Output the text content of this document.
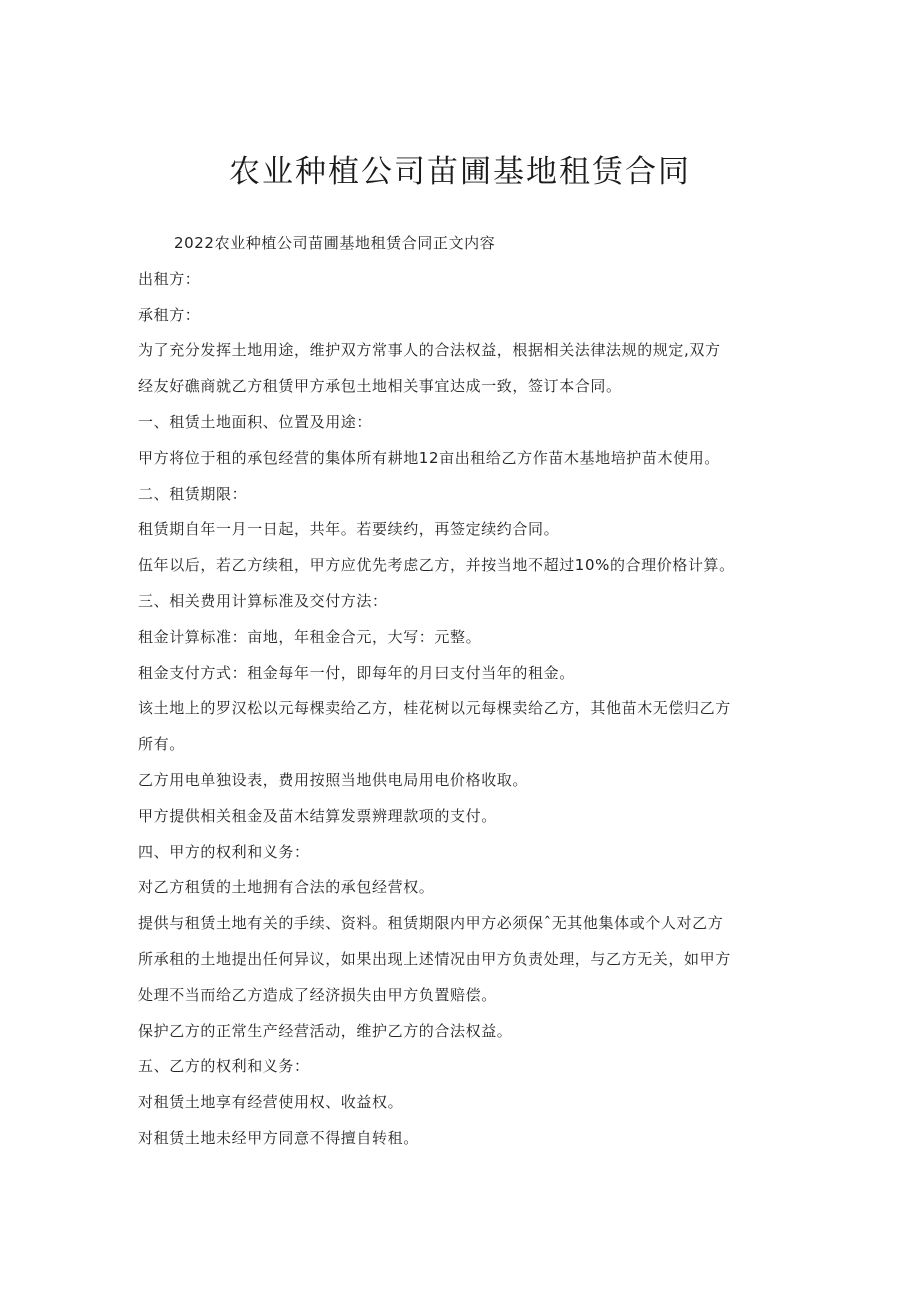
农业种植公司苗圃基地租赁合同
2022农业种植公司苗圃基地租赁合同正文内容
出租方：
承租方：
为了充分发挥土地用途，维护双方常事人的合法权益，根据相关法律法规的规定,双方
经友好礁商就乙方租赁甲方承包土地相关事宜达成一致，签订本合同。
一、租赁土地面积、位置及用途：
甲方将位于租的承包经营的集体所有耕地12亩出租给乙方作苗木基地培护苗木使用。
二、租赁期限：
租赁期自年一月一日起，共年。若要续约，再签定续约合同。
伍年以后，若乙方续租，甲方应优先考虑乙方，并按当地不超过10%的合理价格计算。
三、相关费用计算标准及交付方法：
租金计算标准：亩地，年租金合元，大写：元整。
租金支付方式：租金每年一付，即每年的月曰支付当年的租金。
该土地上的罗汉松以元每棵卖给乙方，桂花树以元每棵卖给乙方，其他苗木无偿归乙方
所有。
乙方用电单独设表，费用按照当地供电局用电价格收取。
甲方提供相关租金及苗木结算发票辨理款项的支付。
四、甲方的权利和义务：
对乙方租赁的土地拥有合法的承包经营权。
提供与租赁土地有关的手续、资料。租赁期限内甲方必须保ˆ无其他集体或个人对乙方
所承租的土地提出任何异议，如果出现上述情况由甲方负责处理，与乙方无关，如甲方
处理不当而给乙方造成了经济损失由甲方负置赔偿。
保护乙方的正常生产经营活动，维护乙方的合法权益。
五、乙方的权利和义务：
对租赁土地享有经营使用权、收益权。
对租赁土地未经甲方同意不得擅自转租。
